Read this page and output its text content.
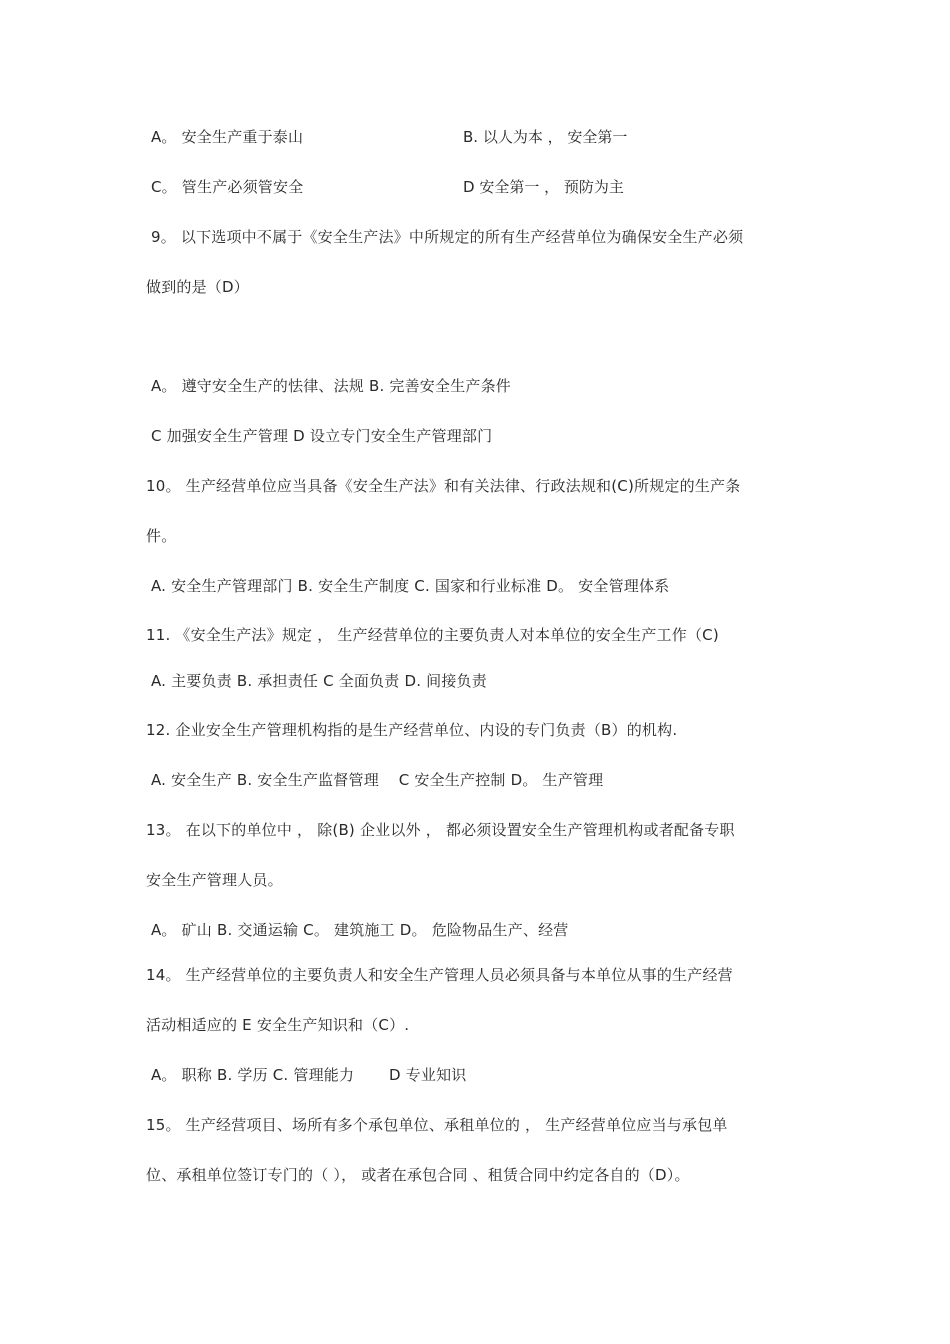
A。 安全生产重于泰山	B. 以人为本 ， 安全第一
C。 管生产必须管安全	D 安全第一 ， 预防为主
9。 以下选项中不属于《安全生产法》中所规定的所有生产经营单位为确保安全生产必须
做到的是（D）
A。 遵守安全生产的怯律、法规 B. 完善安全生产条件
C 加强安全生产管理 D 设立专门安全生产管理部门
10。 生产经营单位应当具备《安全生产法》和有关法律、行政法规和(C)所规定的生产条
件。
A. 安全生产管理部门 B. 安全生产制度 C. 国家和行业标准 D。 安全管理体系
11. 《安全生产法》规定 ， 生产经营单位的主要负责人对本单位的安全生产工作（C)
A. 主要负责 B. 承担责任 C 全面负责 D. 间接负责
12. 企业安全生产管理机构指的是生产经营单位、内设的专门负责（B）的机构.
A. 安全生产 B. 安全生产监督管理    C 安全生产控制 D。 生产管理
13。 在以下的单位中 ， 除(B) 企业以外 ， 都必须设置安全生产管理机构或者配备专职
安全生产管理人员。
A。 矿山 B. 交通运输 C。 建筑施工 D。 危险物品生产、经营
14。 生产经营单位的主要负责人和安全生产管理人员必须具备与本单位从事的生产经营
活动相适应的 E 安全生产知识和（C）.
A。 职称 B. 学历 C. 管理能力       D 专业知识
15。 生产经营项目、场所有多个承包单位、承租单位的 ， 生产经营单位应当与承包单
位、承租单位签订专门的（ ）， 或者在承包合同 、租赁合同中约定各自的（D）。
